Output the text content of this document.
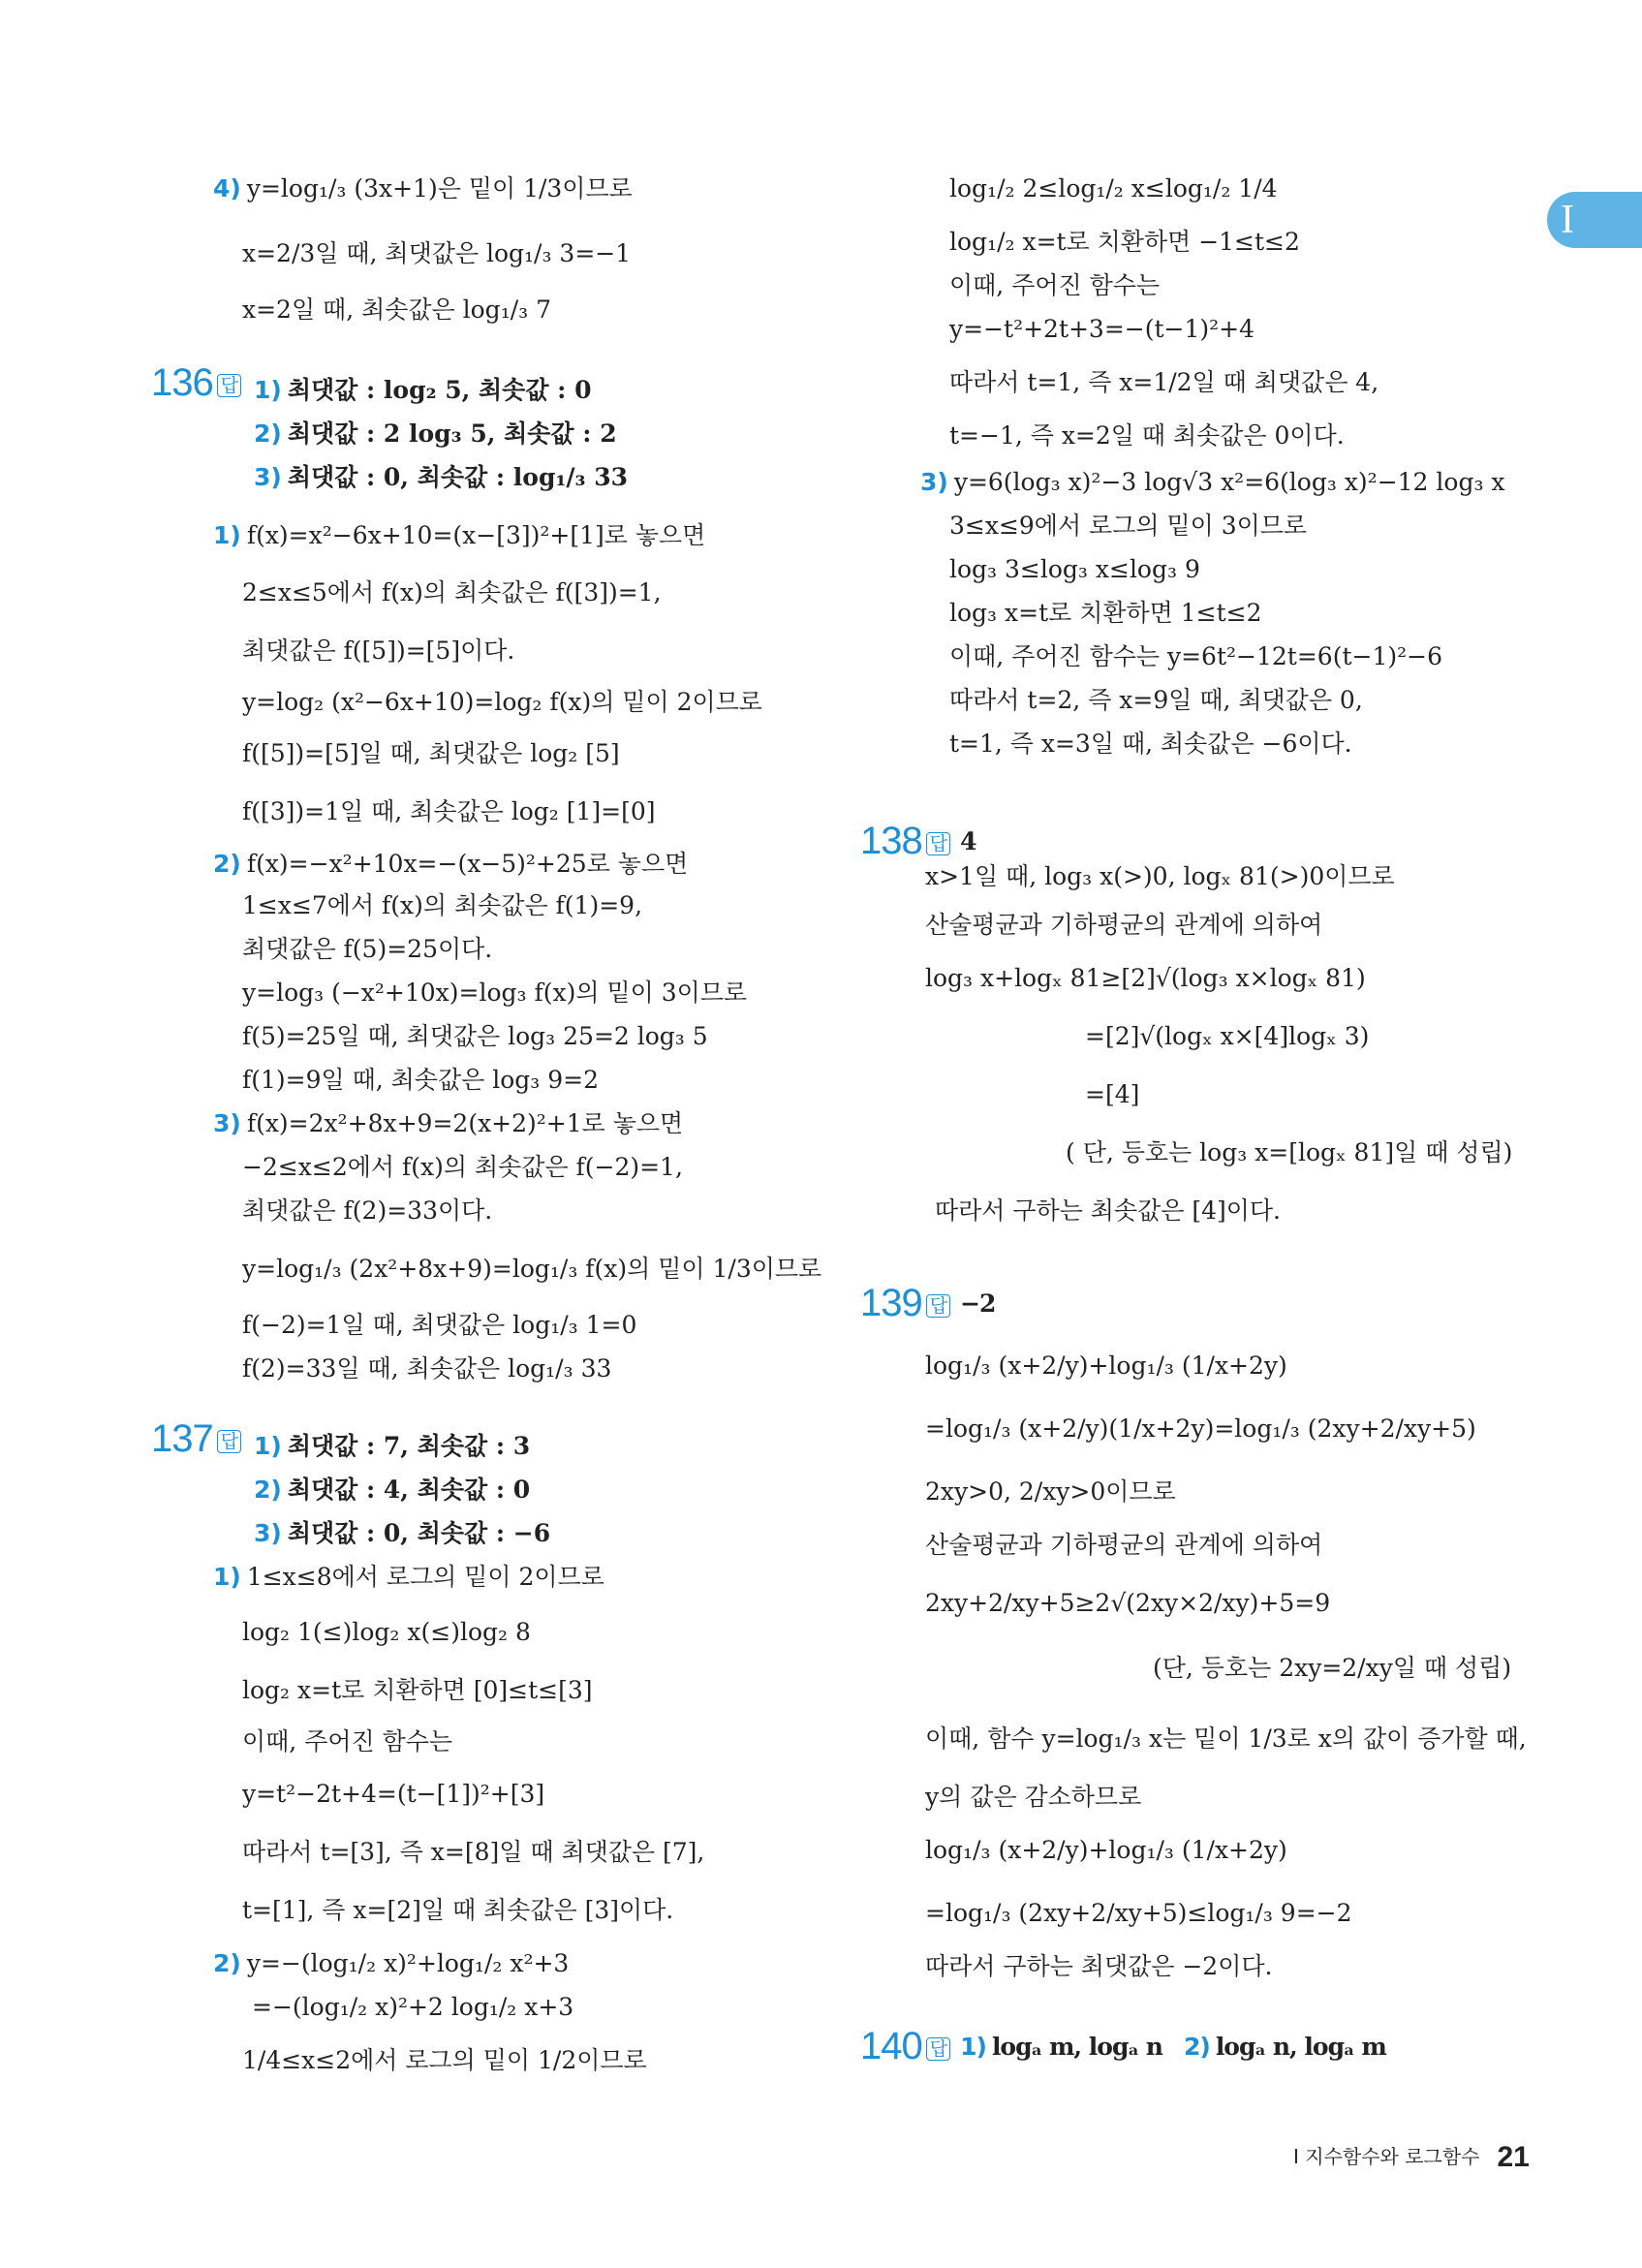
I
Ⅰ 지수함수와 로그함수 21
4) y=log₁/₃ (3x+1)은 밑이 1/3이므로
x=2/3일 때, 최댓값은 log₁/₃ 3=−1
x=2일 때, 최솟값은 log₁/₃ 7
1) 최댓값 : log₂ 5, 최솟값 : 0
2) 최댓값 : 2 log₃ 5, 최솟값 : 2
3) 최댓값 : 0, 최솟값 : log₁/₃ 33
1) f(x)=x²−6x+10=(x−[3])²+[1]로 놓으면
2≤x≤5에서 f(x)의 최솟값은 f([3])=1,
최댓값은 f([5])=[5]이다.
y=log₂ (x²−6x+10)=log₂ f(x)의 밑이 2이므로
f([5])=[5]일 때, 최댓값은 log₂ [5]
f([3])=1일 때, 최솟값은 log₂ [1]=[0]
2) f(x)=−x²+10x=−(x−5)²+25로 놓으면
1≤x≤7에서 f(x)의 최솟값은 f(1)=9,
최댓값은 f(5)=25이다.
y=log₃ (−x²+10x)=log₃ f(x)의 밑이 3이므로
f(5)=25일 때, 최댓값은 log₃ 25=2 log₃ 5
f(1)=9일 때, 최솟값은 log₃ 9=2
3) f(x)=2x²+8x+9=2(x+2)²+1로 놓으면
−2≤x≤2에서 f(x)의 최솟값은 f(−2)=1,
최댓값은 f(2)=33이다.
y=log₁/₃ (2x²+8x+9)=log₁/₃ f(x)의 밑이 1/3이므로
f(−2)=1일 때, 최댓값은 log₁/₃ 1=0
f(2)=33일 때, 최솟값은 log₁/₃ 33
1) 최댓값 : 7, 최솟값 : 3
2) 최댓값 : 4, 최솟값 : 0
3) 최댓값 : 0, 최솟값 : −6
1) 1≤x≤8에서 로그의 밑이 2이므로
log₂ 1(≤)log₂ x(≤)log₂ 8
log₂ x=t로 치환하면 [0]≤t≤[3]
이때, 주어진 함수는
y=t²−2t+4=(t−[1])²+[3]
따라서 t=[3], 즉 x=[8]일 때 최댓값은 [7],
t=[1], 즉 x=[2]일 때 최솟값은 [3]이다.
2) y=−(log₁/₂ x)²+log₁/₂ x²+3
=−(log₁/₂ x)²+2 log₁/₂ x+3
1/4≤x≤2에서 로그의 밑이 1/2이므로
log₁/₂ 2≤log₁/₂ x≤log₁/₂ 1/4
log₁/₂ x=t로 치환하면 −1≤t≤2
이때, 주어진 함수는
y=−t²+2t+3=−(t−1)²+4
따라서 t=1, 즉 x=1/2일 때 최댓값은 4,
t=−1, 즉 x=2일 때 최솟값은 0이다.
3) y=6(log₃ x)²−3 log√3 x²=6(log₃ x)²−12 log₃ x
3≤x≤9에서 로그의 밑이 3이므로
log₃ 3≤log₃ x≤log₃ 9
log₃ x=t로 치환하면 1≤t≤2
이때, 주어진 함수는 y=6t²−12t=6(t−1)²−6
따라서 t=2, 즉 x=9일 때, 최댓값은 0,
t=1, 즉 x=3일 때, 최솟값은 −6이다.
x>1일 때, log₃ x(>)0, logₓ 81(>)0이므로
산술평균과 기하평균의 관계에 의하여
log₃ x+logₓ 81≥[2]√(log₃ x×logₓ 81)
=[2]√(logₓ x×[4]logₓ 3)
=[4]
( 단, 등호는 log₃ x=[logₓ 81]일 때 성립)
따라서 구하는 최솟값은 [4]이다.
log₁/₃ (x+2/y)+log₁/₃ (1/x+2y)
=log₁/₃ (x+2/y)(1/x+2y)=log₁/₃ (2xy+2/xy+5)
2xy>0, 2/xy>0이므로
산술평균과 기하평균의 관계에 의하여
2xy+2/xy+5≥2√(2xy×2/xy)+5=9
(단, 등호는 2xy=2/xy일 때 성립)
이때, 함수 y=log₁/₃ x는 밑이 1/3로 x의 값이 증가할 때,
y의 값은 감소하므로
log₁/₃ (x+2/y)+log₁/₃ (1/x+2y)
=log₁/₃ (2xy+2/xy+5)≤log₁/₃ 9=−2
따라서 구하는 최댓값은 −2이다.
136 답
137 답
138 답 4
139 답 −2
140 답 1) logₐ m, logₐ n 2) logₐ n, logₐ m
